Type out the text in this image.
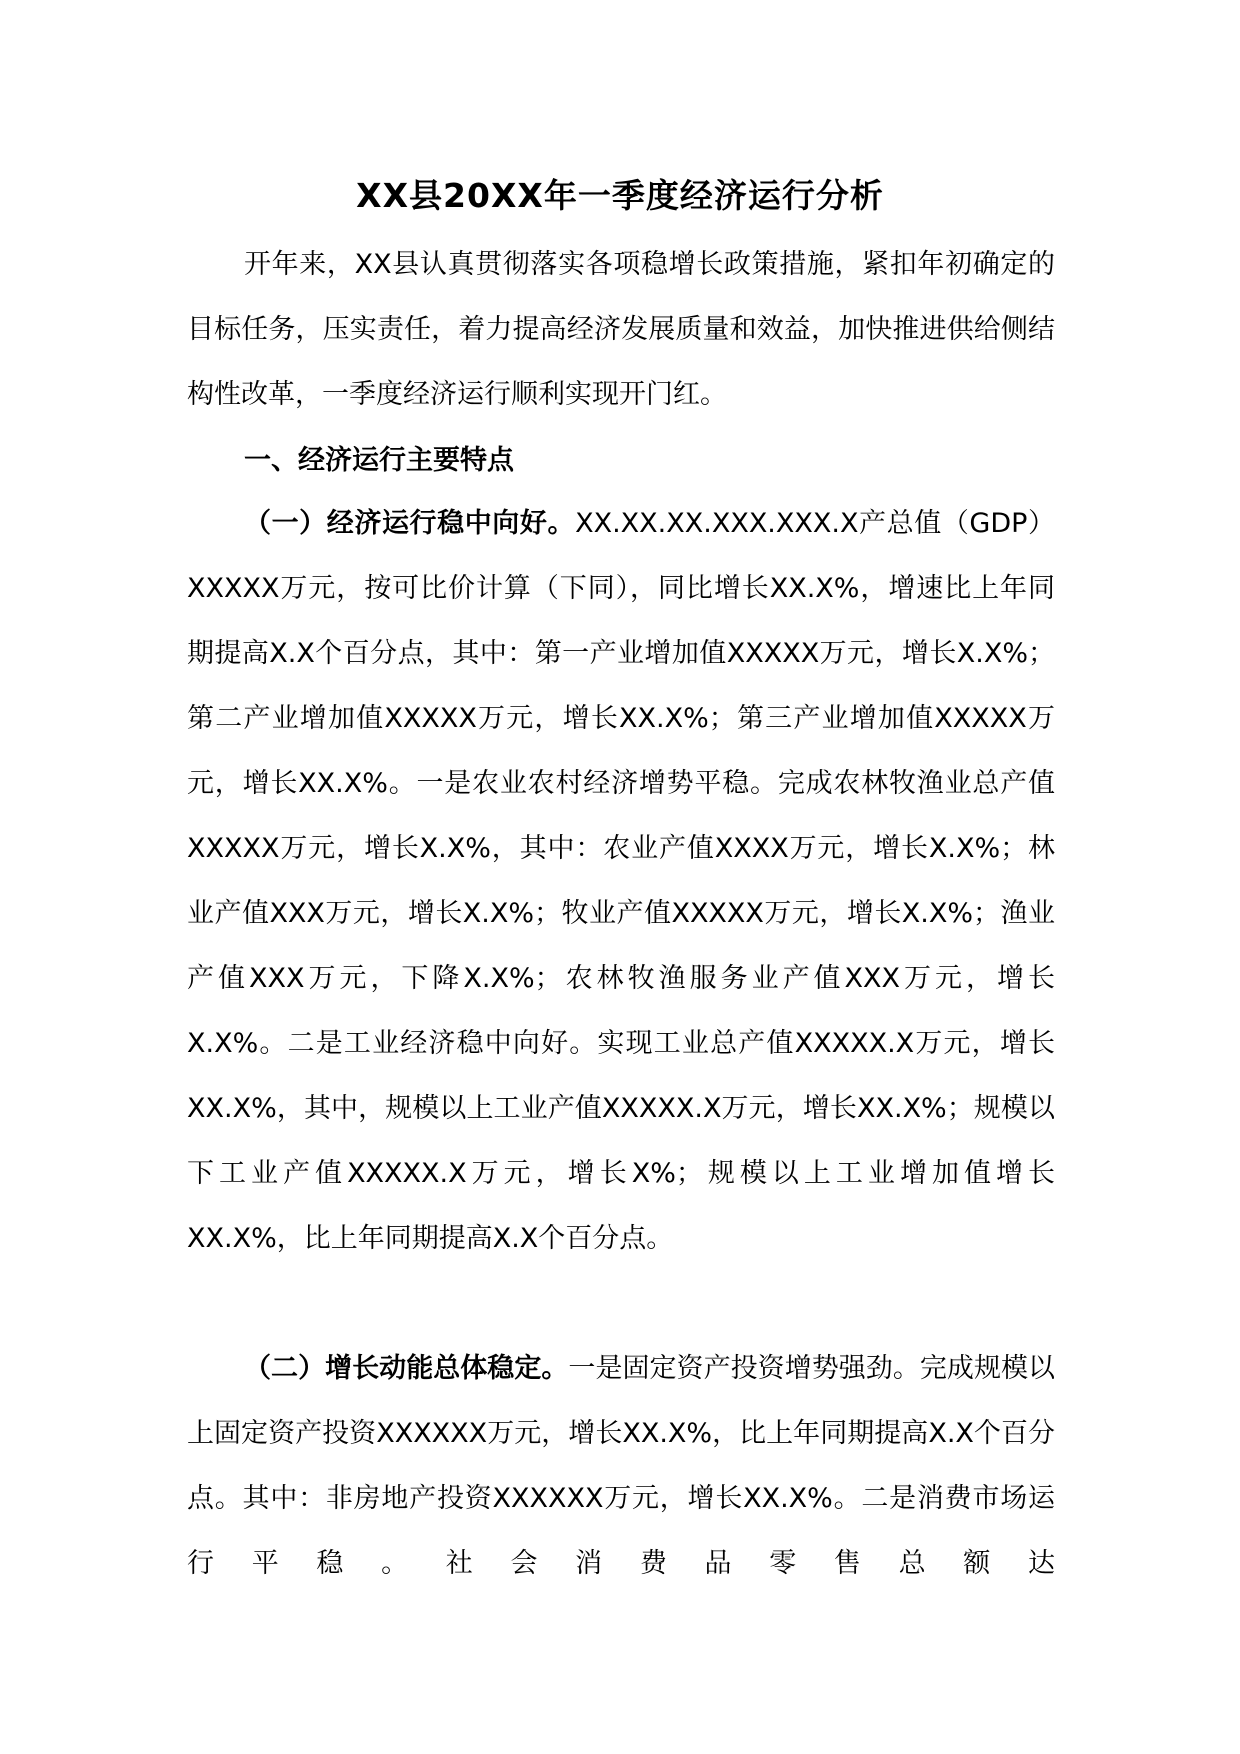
XX县20XX年一季度经济运行分析

开年来，XX县认真贯彻落实各项稳增长政策措施，紧扣年初确定的目标任务，压实责任，着力提高经济发展质量和效益，加快推进供给侧结构性改革，一季度经济运行顺利实现开门红。

一、经济运行主要特点

（一）经济运行稳中向好。XX.XX.XX.XXX.XXX.X产总值（GDP）XXXXX万元，按可比价计算（下同），同比增长XX.X%，增速比上年同期提高X.X个百分点，其中：第一产业增加值XXXXX万元，增长X.X%；第二产业增加值XXXXX万元，增长XX.X%；第三产业增加值XXXXX万元，增长XX.X%。一是农业农村经济增势平稳。完成农林牧渔业总产值XXXXX万元，增长X.X%，其中：农业产值XXXX万元，增长X.X%；林业产值XXX万元，增长X.X%；牧业产值XXXXX万元，增长X.X%；渔业产值XXX万元，下降X.X%；农林牧渔服务业产值XXX万元，增长X.X%。二是工业经济稳中向好。实现工业总产值XXXXX.X万元，增长XX.X%，其中，规模以上工业产值XXXXX.X万元，增长XX.X%；规模以下工业产值XXXXX.X万元，增长X%；规模以上工业增加值增长XX.X%，比上年同期提高X.X个百分点。

（二）增长动能总体稳定。一是固定资产投资增势强劲。完成规模以上固定资产投资XXXXXX万元，增长XX.X%，比上年同期提高X.X个百分点。其中：非房地产投资XXXXXX万元，增长XX.X%。二是消费市场运行平稳。社会消费品零售总额达
